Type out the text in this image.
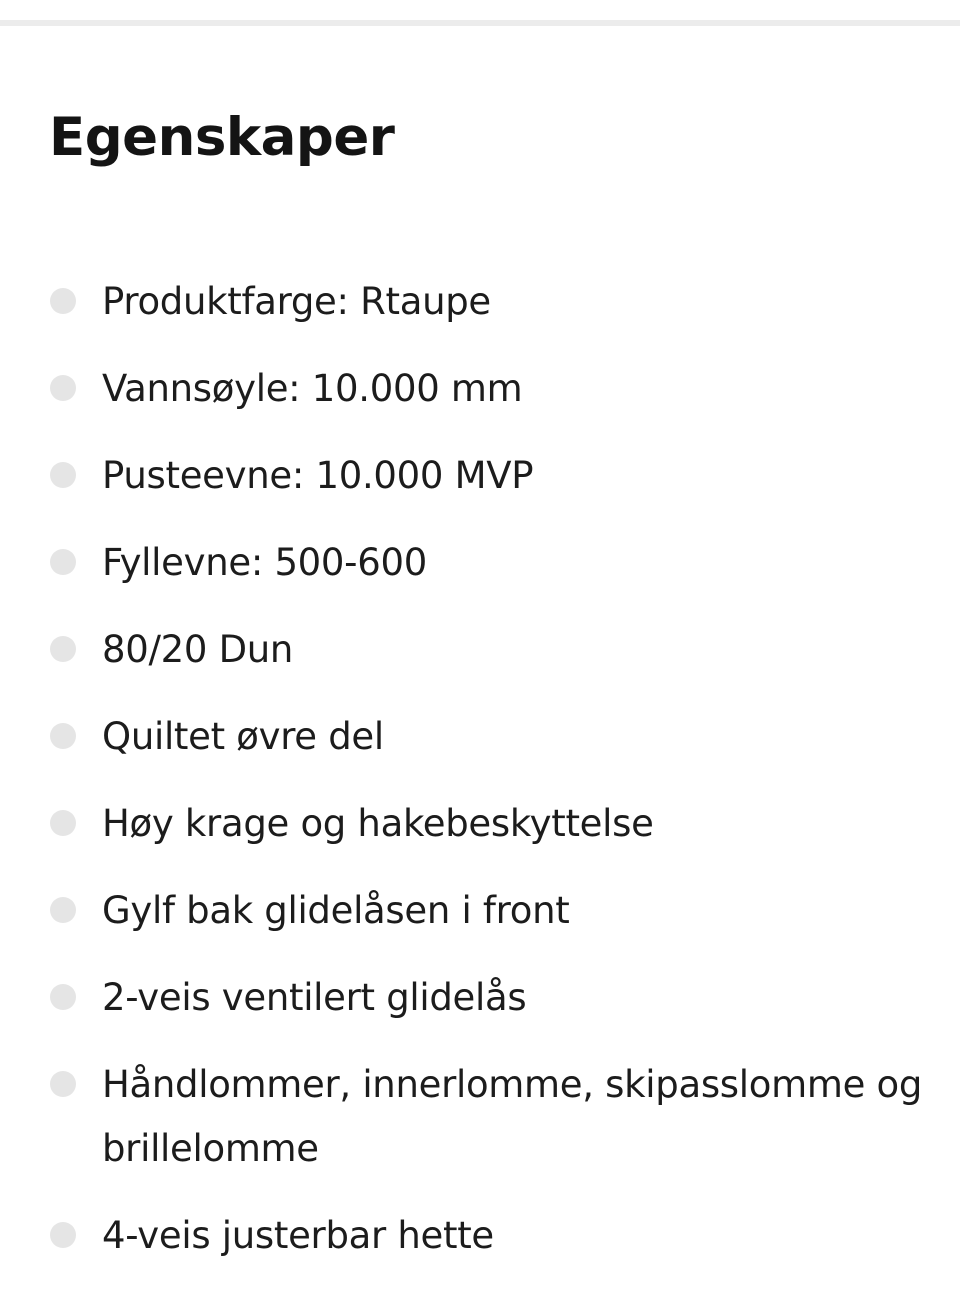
Egenskaper
Produktfarge: Rtaupe
Vannsøyle: 10.000 mm
Pusteevne: 10.000 MVP
Fyllevne: 500-600
80/20 Dun
Quiltet øvre del
Høy krage og hakebeskyttelse
Gylf bak glidelåsen i front
2-veis ventilert glidelås
Håndlommer, innerlomme, skipasslomme og brillelomme
4-veis justerbar hette
